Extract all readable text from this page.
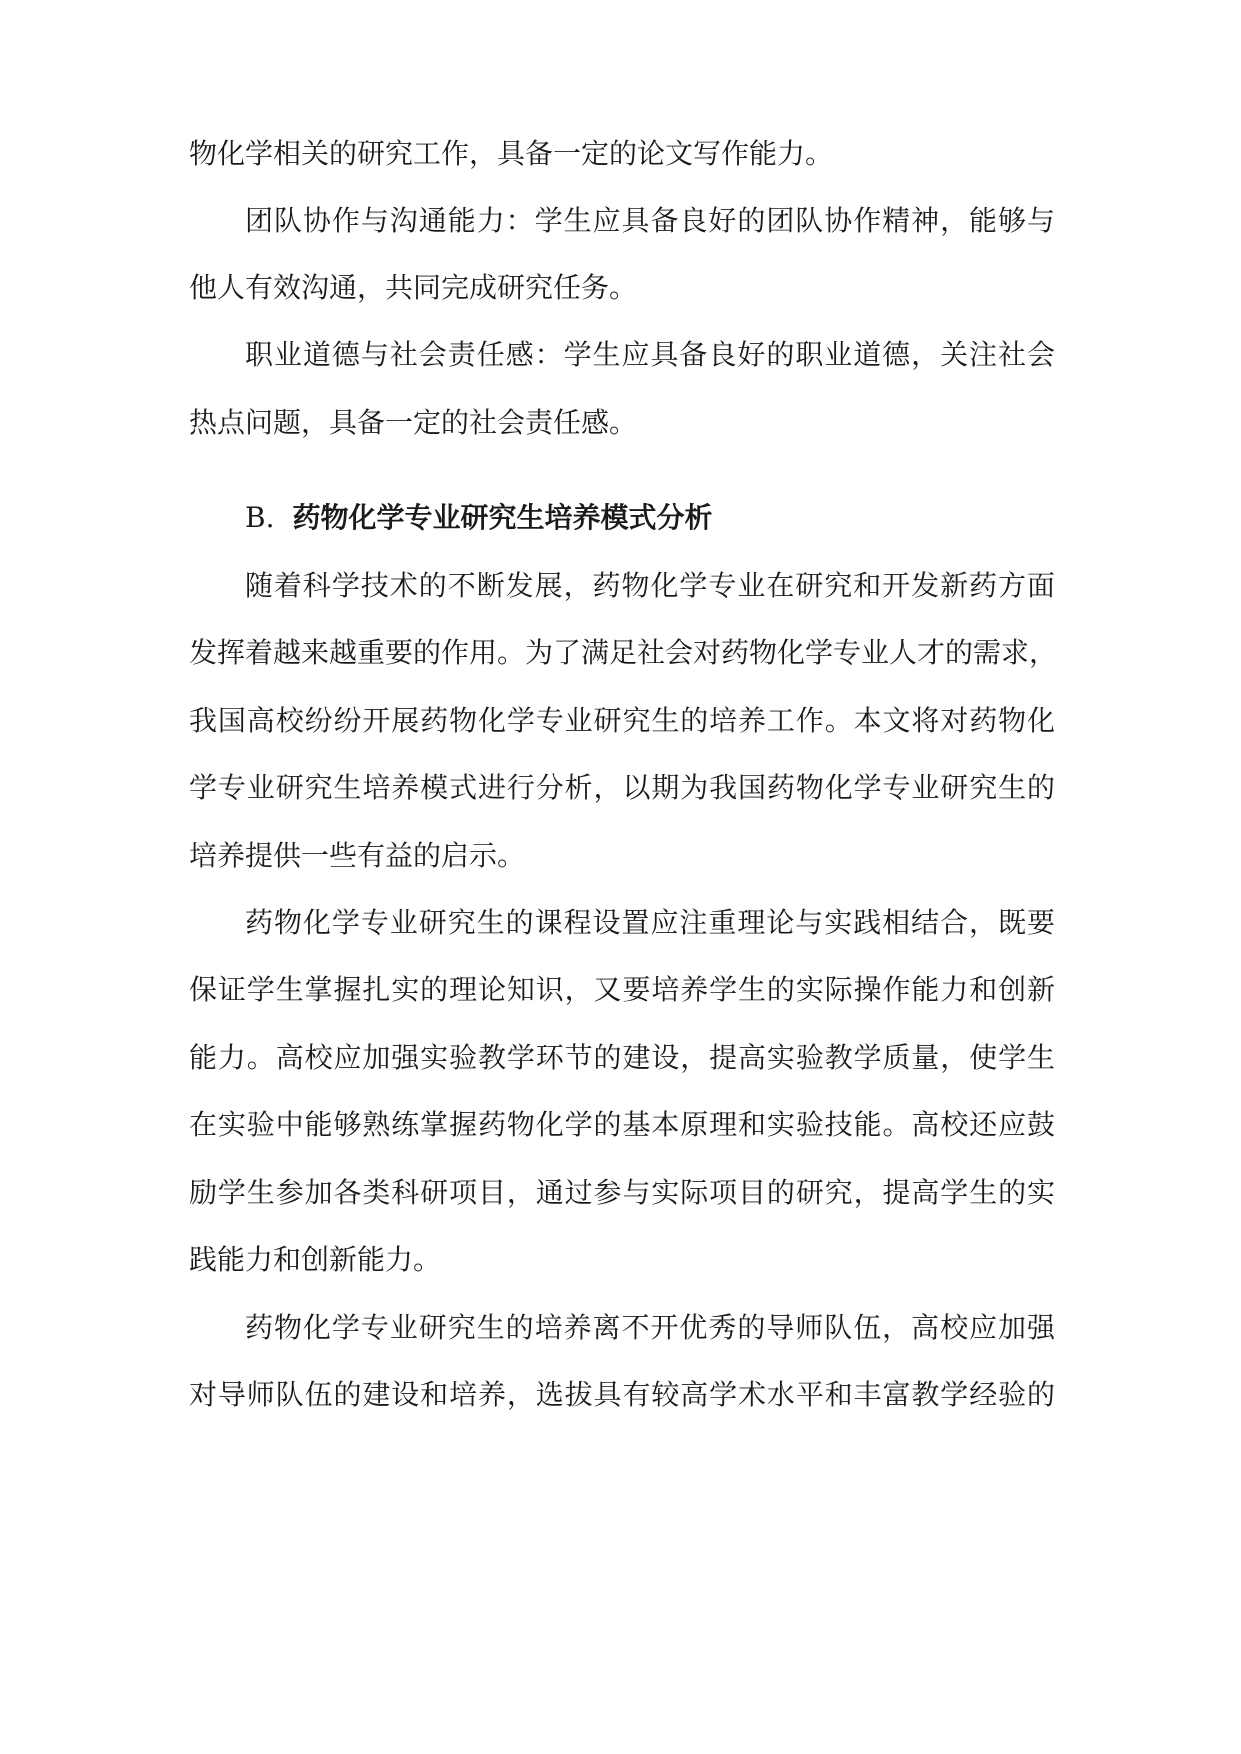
物化学相关的研究工作，具备一定的论文写作能力。
团队协作与沟通能力：学生应具备良好的团队协作精神，能够与
他人有效沟通，共同完成研究任务。
职业道德与社会责任感：学生应具备良好的职业道德，关注社会
热点问题，具备一定的社会责任感。
B. 药物化学专业研究生培养模式分析
随着科学技术的不断发展，药物化学专业在研究和开发新药方面
发挥着越来越重要的作用。为了满足社会对药物化学专业人才的需求，
我国高校纷纷开展药物化学专业研究生的培养工作。本文将对药物化
学专业研究生培养模式进行分析，以期为我国药物化学专业研究生的
培养提供一些有益的启示。
药物化学专业研究生的课程设置应注重理论与实践相结合，既要
保证学生掌握扎实的理论知识，又要培养学生的实际操作能力和创新
能力。高校应加强实验教学环节的建设，提高实验教学质量，使学生
在实验中能够熟练掌握药物化学的基本原理和实验技能。高校还应鼓
励学生参加各类科研项目，通过参与实际项目的研究，提高学生的实
践能力和创新能力。
药物化学专业研究生的培养离不开优秀的导师队伍，高校应加强
对导师队伍的建设和培养，选拔具有较高学术水平和丰富教学经验的
